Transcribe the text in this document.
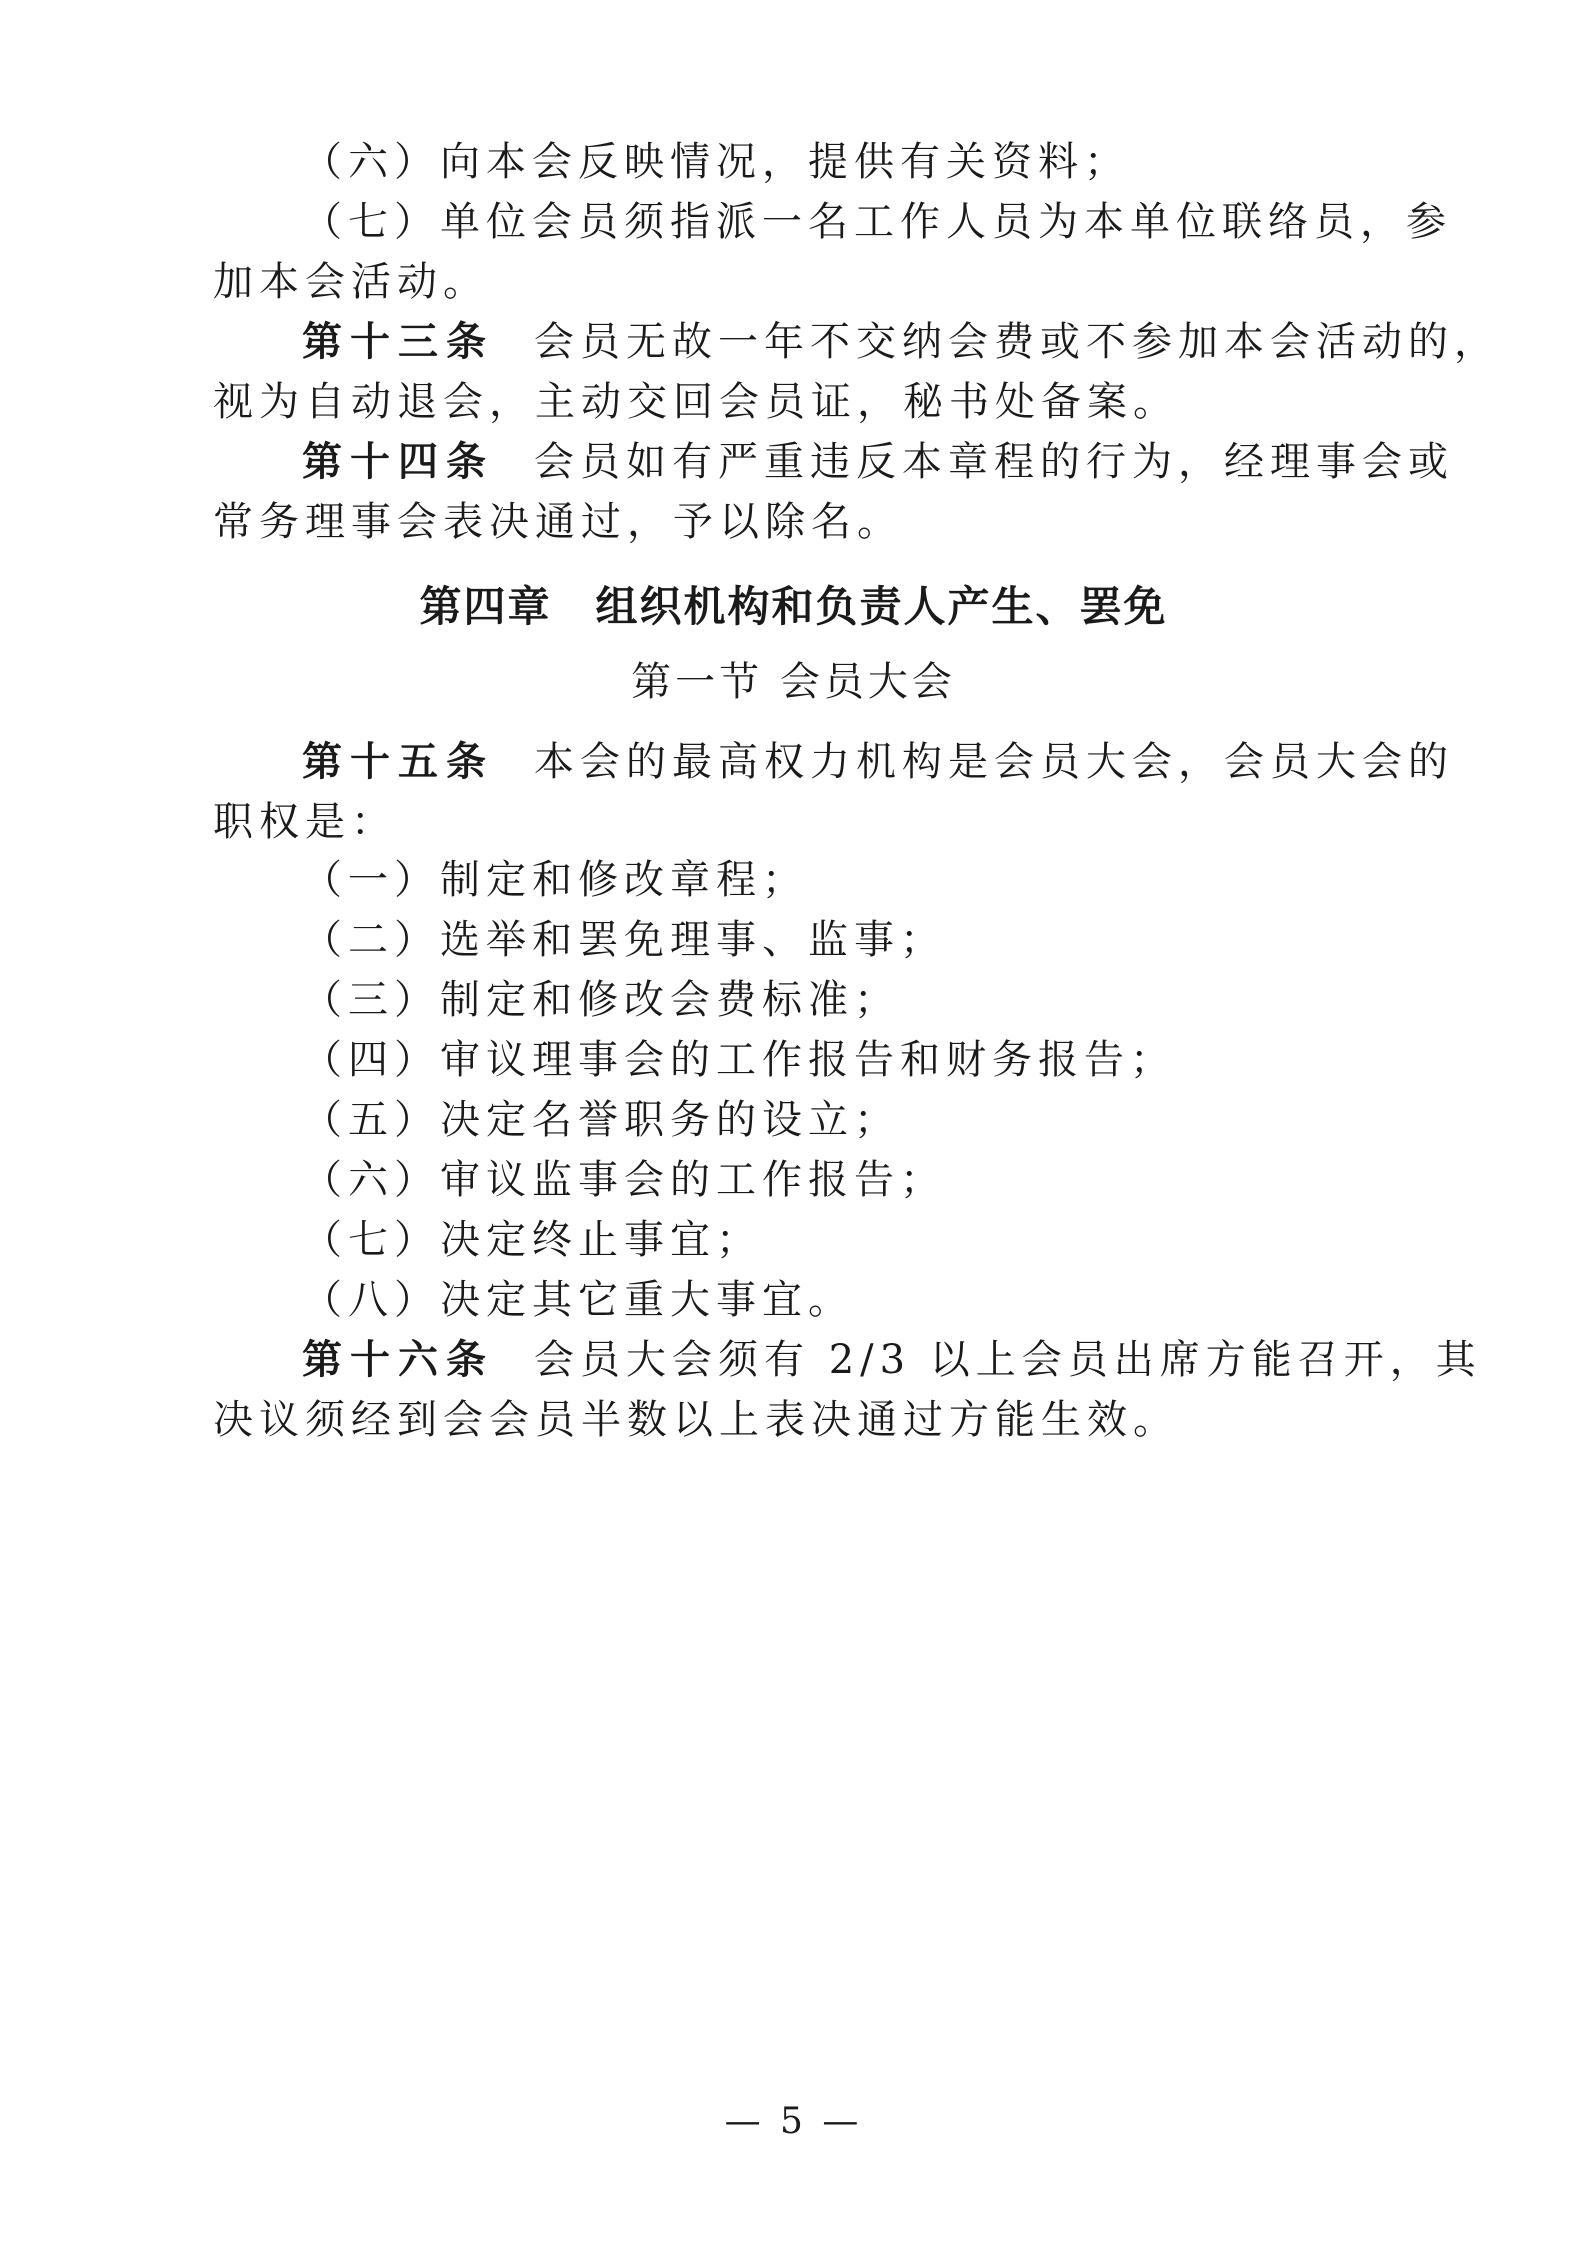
（六）向本会反映情况，提供有关资料；
（七）单位会员须指派一名工作人员为本单位联络员，参
加本会活动。
第十三条 会员无故一年不交纳会费或不参加本会活动的，
视为自动退会，主动交回会员证，秘书处备案。
第十四条 会员如有严重违反本章程的行为，经理事会或
常务理事会表决通过，予以除名。
第四章　组织机构和负责人产生、罢免
第一节 会员大会
第十五条 本会的最高权力机构是会员大会，会员大会的
职权是：
（一）制定和修改章程；
（二）选举和罢免理事、监事；
（三）制定和修改会费标准；
（四）审议理事会的工作报告和财务报告；
（五）决定名誉职务的设立；
（六）审议监事会的工作报告；
（七）决定终止事宜；
（八）决定其它重大事宜。
第十六条 会员大会须有 2/3 以上会员出席方能召开，其
决议须经到会会员半数以上表决通过方能生效。
— 5 —
